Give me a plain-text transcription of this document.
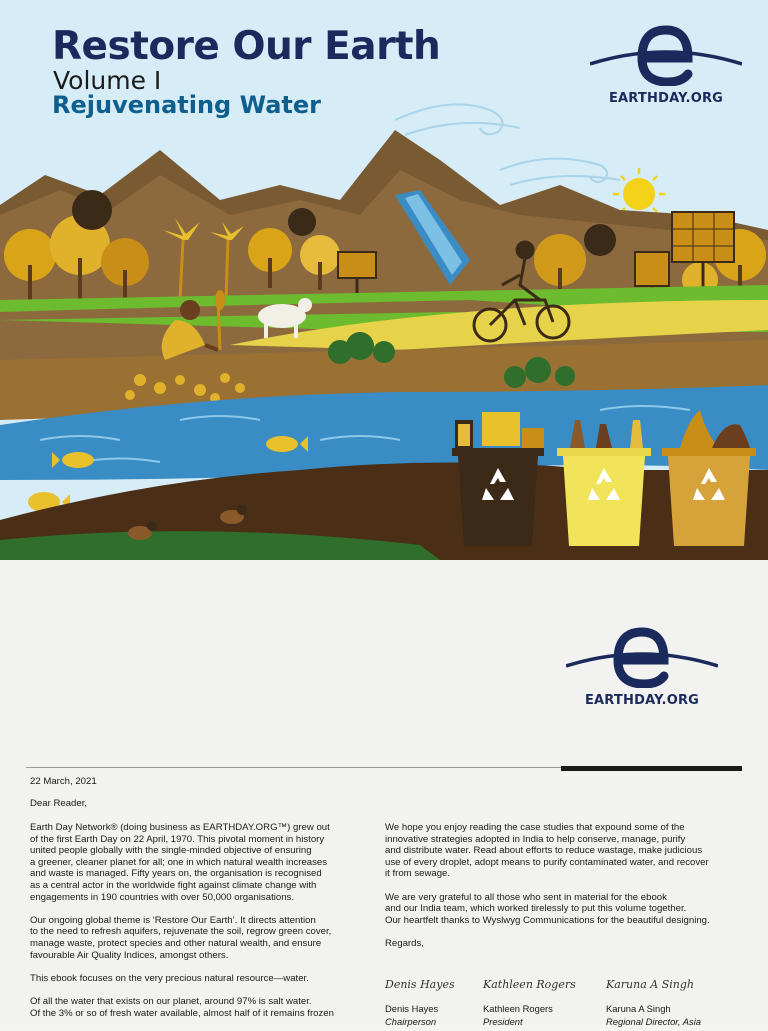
Restore Our Earth
Volume I
Rejuvenating Water	EARTHDAY.ORG
EARTHDAY.ORG
22 March, 2021
Dear Reader,
Earth Day Network® (doing business as EARTHDAY.ORG™) grew out
of the first Earth Day on 22 April, 1970. This pivotal moment in history
united people globally with the single-minded objective of ensuring
a greener, cleaner planet for all; one in which natural wealth increases
and waste is managed. Fifty years on, the organisation is recognised
as a central actor in the worldwide fight against climate change with
engagements in 190 countries with over 50,000 organisations.
Our ongoing global theme is ‘Restore Our Earth’. It directs attention
to the need to refresh aquifers, rejuvenate the soil, regrow green cover,
manage waste, protect species and other natural wealth, and ensure
favourable Air Quality Indices, amongst others.
This ebook focuses on the very precious natural resource—water.
Of all the water that exists on our planet, around 97% is salt water.
Of the 3% or so of fresh water available, almost half of it remains frozen
We hope you enjoy reading the case studies that expound some of the
innovative strategies adopted in India to help conserve, manage, purify
and distribute water. Read about efforts to reduce wastage, make judicious
use of every droplet, adopt means to purify contaminated water, and recover
it from sewage.
We are very grateful to all those who sent in material for the ebook
and our India team, which worked tirelessly to put this volume together.
Our heartfelt thanks to Wyslwyg Communications for the beautiful designing.
Regards,
Denis Hayes
Denis Hayes
Chairperson
Kathleen Rogers
Kathleen Rogers
President
Karuna A Singh
Karuna A Singh
Regional Director, Asia
